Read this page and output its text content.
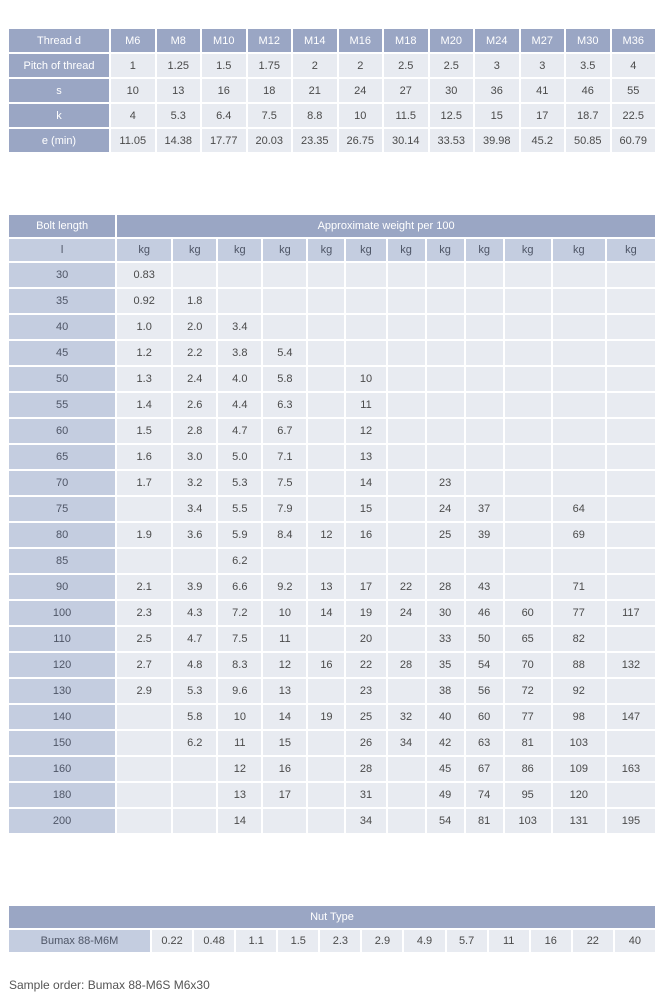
Thread d	M6	M8	M10	M12	M14	M16	M18	M20	M24	M27	M30	M36
Pitch of thread	1	1.25	1.5	1.75	2	2	2.5	2.5	3	3	3.5	4
s	10	13	16	18	21	24	27	30	36	41	46	55
k	4	5.3	6.4	7.5	8.8	10	11.5	12.5	15	17	18.7	22.5
e (min)	11.05	14.38	17.77	20.03	23.35	26.75	30.14	33.53	39.98	45.2	50.85	60.79
Bolt length	Approximate weight per 100											
l	kg	kg	kg	kg	kg	kg	kg	kg	kg	kg	kg	kg
30	0.83											
35	0.92	1.8										
40	1.0	2.0	3.4									
45	1.2	2.2	3.8	5.4								
50	1.3	2.4	4.0	5.8		10						
55	1.4	2.6	4.4	6.3		11						
60	1.5	2.8	4.7	6.7		12						
65	1.6	3.0	5.0	7.1		13						
70	1.7	3.2	5.3	7.5		14		23				
75		3.4	5.5	7.9		15		24	37		64	
80	1.9	3.6	5.9	8.4	12	16		25	39		69	
85			6.2									
90	2.1	3.9	6.6	9.2	13	17	22	28	43		71	
100	2.3	4.3	7.2	10	14	19	24	30	46	60	77	117
110	2.5	4.7	7.5	11		20		33	50	65	82	
120	2.7	4.8	8.3	12	16	22	28	35	54	70	88	132
130	2.9	5.3	9.6	13		23		38	56	72	92	
140		5.8	10	14	19	25	32	40	60	77	98	147
150		6.2	11	15		26	34	42	63	81	103	
160			12	16		28		45	67	86	109	163
180			13	17		31		49	74	95	120	
200			14			34		54	81	103	131	195
Nut Type
Bumax 88-M6M	0.22	0.48	1.1	1.5	2.3	2.9	4.9	5.7	11	16	22	40
Sample order: Bumax 88-M6S M6x30
